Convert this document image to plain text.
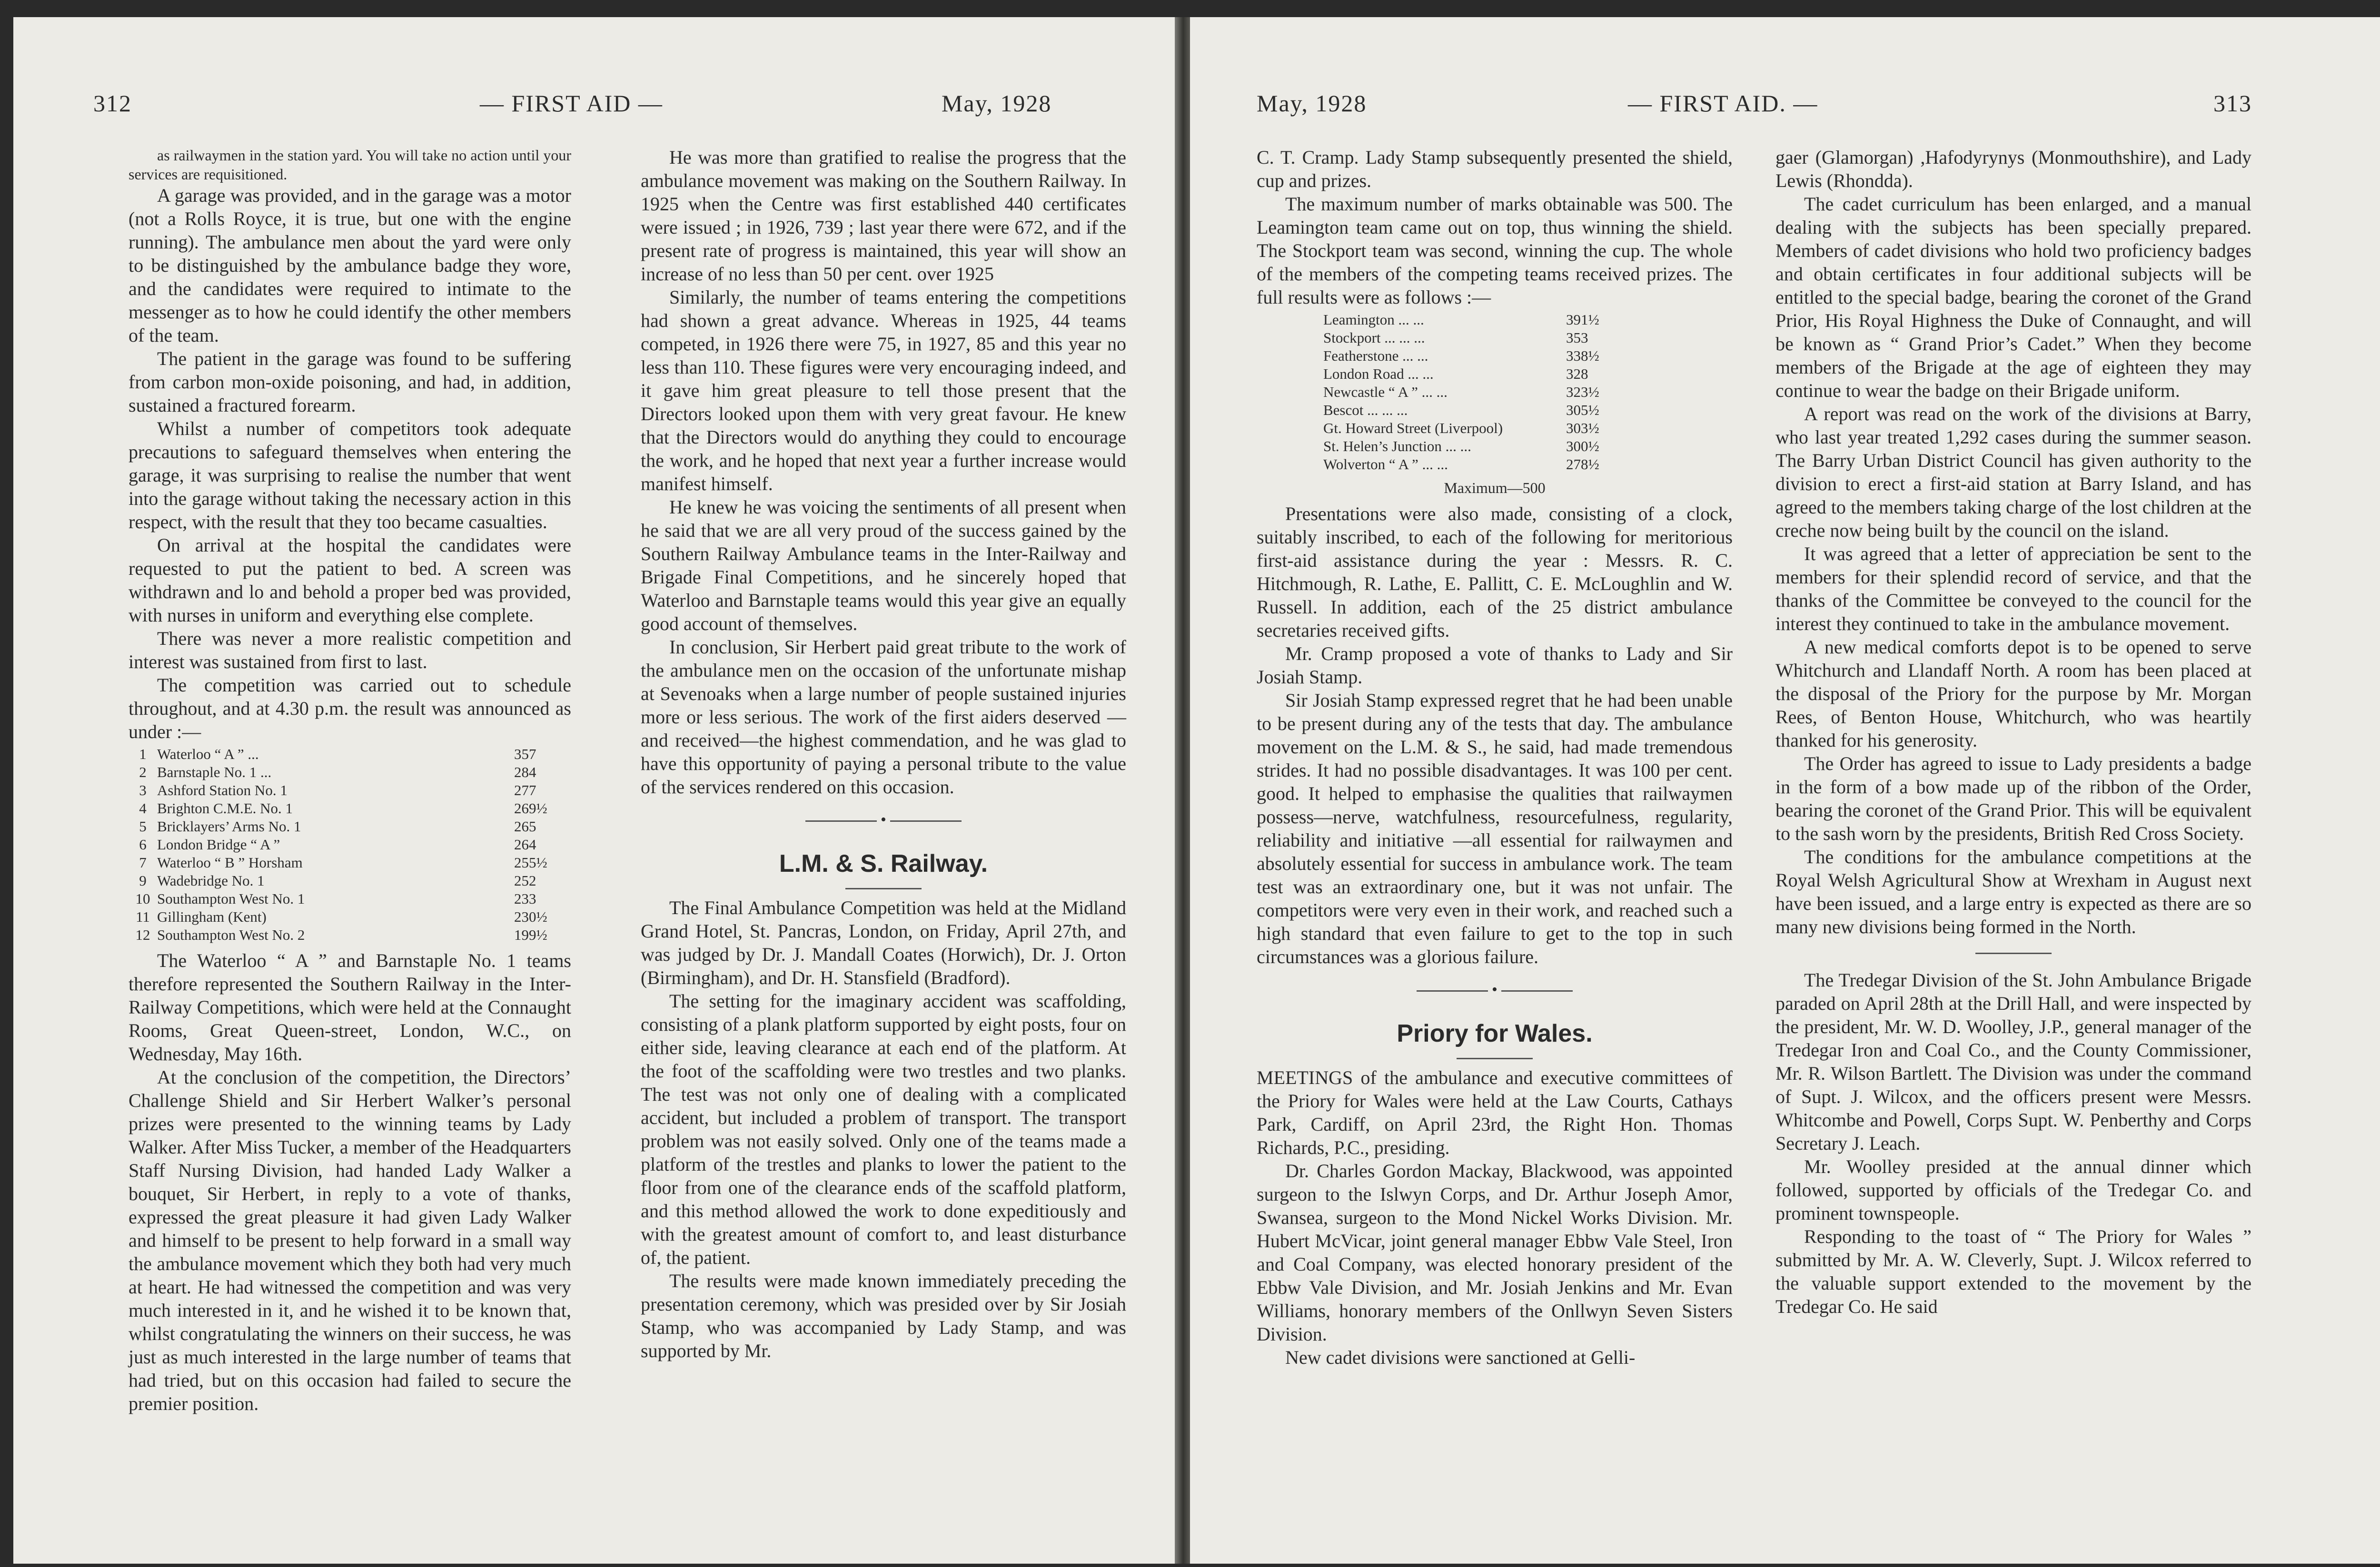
312	— FIRST AID —	May, 1928

as railwaymen in the station yard. You will take no action until your services are requisitioned.

A garage was provided, and in the garage was a motor (not a Rolls Royce, it is true, but one with the engine running). The ambulance men about the yard were only to be distinguished by the ambulance badge they wore, and the candidates were required to intimate to the messenger as to how he could identify the other members of the team.

The patient in the garage was found to be suffering from carbon mon-oxide poisoning, and had, in addition, sustained a fractured forearm.

Whilst a number of competitors took adequate precautions to safeguard themselves when entering the garage, it was surprising to realise the number that went into the garage without taking the necessary action in this respect, with the result that they too became casualties.

On arrival at the hospital the candidates were requested to put the patient to bed. A screen was withdrawn and lo and behold a proper bed was provided, with nurses in uniform and everything else complete.

There was never a more realistic competition and interest was sustained from first to last.

The competition was carried out to schedule throughout, and at 4.30 p.m. the result was announced as under :—

1	Waterloo “ A ” ...	357
2	Barnstaple No. 1 ...	284
3	Ashford Station No. 1	277
4	Brighton C.M.E. No. 1	269½
5	Bricklayers’ Arms No. 1	265
6	London Bridge “ A ”	264
7	Waterloo “ B ” Horsham	255½
9	Wadebridge No. 1	252
10	Southampton West No. 1	233
11	Gillingham (Kent)	230½
12	Southampton West No. 2	199½

The Waterloo “ A ” and Barnstaple No. 1 teams therefore represented the Southern Railway in the Inter-Railway Competitions, which were held at the Connaught Rooms, Great Queen-street, London, W.C., on Wednesday, May 16th.

At the conclusion of the competition, the Directors’ Challenge Shield and Sir Herbert Walker’s personal prizes were presented to the winning teams by Lady Walker. After Miss Tucker, a member of the Headquarters Staff Nursing Division, had handed Lady Walker a bouquet, Sir Herbert, in reply to a vote of thanks, expressed the great pleasure it had given Lady Walker and himself to be present to help forward in a small way the ambulance movement which they both had very much at heart. He had witnessed the competition and was very much interested in it, and he wished it to be known that, whilst congratulating the winners on their success, he was just as much interested in the large number of teams that had tried, but on this occasion had failed to secure the premier position.

He was more than gratified to realise the progress that the ambulance movement was making on the Southern Railway. In 1925 when the Centre was first established 440 certificates were issued ; in 1926, 739 ; last year there were 672, and if the present rate of progress is maintained, this year will show an increase of no less than 50 per cent. over 1925

Similarly, the number of teams entering the competitions had shown a great advance. Whereas in 1925, 44 teams competed, in 1926 there were 75, in 1927, 85 and this year no less than 110. These figures were very encouraging indeed, and it gave him great pleasure to tell those present that the Directors looked upon them with very great favour. He knew that the Directors would do anything they could to encourage the work, and he hoped that next year a further increase would manifest himself.

He knew he was voicing the sentiments of all present when he said that we are all very proud of the success gained by the Southern Railway Ambulance teams in the Inter-Railway and Brigade Final Competitions, and he sincerely hoped that Waterloo and Barnstaple teams would this year give an equally good account of themselves.

In conclusion, Sir Herbert paid great tribute to the work of the ambulance men on the occasion of the unfortunate mishap at Sevenoaks when a large number of people sustained injuries more or less serious. The work of the first aiders deserved —and received—the highest commendation, and he was glad to have this opportunity of paying a personal tribute to the value of the services rendered on this occasion.

•
L.M. & S. Railway.

The Final Ambulance Competition was held at the Midland Grand Hotel, St. Pancras, London, on Friday, April 27th, and was judged by Dr. J. Mandall Coates (Horwich), Dr. J. Orton (Birmingham), and Dr. H. Stansfield (Bradford).

The setting for the imaginary accident was scaffolding, consisting of a plank platform supported by eight posts, four on either side, leaving clearance at each end of the platform. At the foot of the scaffolding were two trestles and two planks. The test was not only one of dealing with a complicated accident, but included a problem of transport. The transport problem was not easily solved. Only one of the teams made a platform of the trestles and planks to lower the patient to the floor from one of the clearance ends of the scaffold platform, and this method allowed the work to done expeditiously and with the greatest amount of comfort to, and least disturbance of, the patient.

The results were made known immediately preceding the presentation ceremony, which was presided over by Sir Josiah Stamp, who was accompanied by Lady Stamp, and was supported by Mr.

May, 1928	— FIRST AID. —	313

C. T. Cramp. Lady Stamp subsequently presented the shield, cup and prizes.

The maximum number of marks obtainable was 500. The Leamington team came out on top, thus winning the shield. The Stockport team was second, winning the cup. The whole of the members of the competing teams received prizes. The full results were as follows :—

Leamington ... ...	391½
Stockport ... ... ...	353
Featherstone ... ...	338½
London Road ... ...	328
Newcastle “ A ” ... ...	323½
Bescot ... ... ...	305½
Gt. Howard Street (Liverpool)	303½
St. Helen’s Junction ... ...	300½
Wolverton “ A ” ... ...	278½
Maximum—500

Presentations were also made, consisting of a clock, suitably inscribed, to each of the following for meritorious first-aid assistance during the year : Messrs. R. C. Hitchmough, R. Lathe, E. Pallitt, C. E. McLoughlin and W. Russell. In addition, each of the 25 district ambulance secretaries received gifts.

Mr. Cramp proposed a vote of thanks to Lady and Sir Josiah Stamp.

Sir Josiah Stamp expressed regret that he had been unable to be present during any of the tests that day. The ambulance movement on the L.M. & S., he said, had made tremendous strides. It had no possible disadvantages. It was 100 per cent. good. It helped to emphasise the qualities that railwaymen possess—nerve, watchfulness, resourcefulness, regularity, reliability and initiative —all essential for railwaymen and absolutely essential for success in ambulance work. The team test was an extraordinary one, but it was not unfair. The competitors were very even in their work, and reached such a high standard that even failure to get to the top in such circumstances was a glorious failure.

•
Priory for Wales.

MEETINGS of the ambulance and executive committees of the Priory for Wales were held at the Law Courts, Cathays Park, Cardiff, on April 23rd, the Right Hon. Thomas Richards, P.C., presiding.

Dr. Charles Gordon Mackay, Blackwood, was appointed surgeon to the Islwyn Corps, and Dr. Arthur Joseph Amor, Swansea, surgeon to the Mond Nickel Works Division. Mr. Hubert McVicar, joint general manager Ebbw Vale Steel, Iron and Coal Company, was elected honorary president of the Ebbw Vale Division, and Mr. Josiah Jenkins and Mr. Evan Williams, honorary members of the Onllwyn Seven Sisters Division.

New cadet divisions were sanctioned at Gelli-

gaer (Glamorgan) ,Hafodyrynys (Monmouthshire), and Lady Lewis (Rhondda).

The cadet curriculum has been enlarged, and a manual dealing with the subjects has been specially prepared. Members of cadet divisions who hold two proficiency badges and obtain certificates in four additional subjects will be entitled to the special badge, bearing the coronet of the Grand Prior, His Royal Highness the Duke of Connaught, and will be known as “ Grand Prior’s Cadet.” When they become members of the Brigade at the age of eighteen they may continue to wear the badge on their Brigade uniform.

A report was read on the work of the divisions at Barry, who last year treated 1,292 cases during the summer season. The Barry Urban District Council has given authority to the division to erect a first-aid station at Barry Island, and has agreed to the members taking charge of the lost children at the creche now being built by the council on the island.

It was agreed that a letter of appreciation be sent to the members for their splendid record of service, and that the thanks of the Committee be conveyed to the council for the interest they continued to take in the ambulance movement.

A new medical comforts depot is to be opened to serve Whitchurch and Llandaff North. A room has been placed at the disposal of the Priory for the purpose by Mr. Morgan Rees, of Benton House, Whitchurch, who was heartily thanked for his generosity.

The Order has agreed to issue to Lady presidents a badge in the form of a bow made up of the ribbon of the Order, bearing the coronet of the Grand Prior. This will be equivalent to the sash worn by the presidents, British Red Cross Society.

The conditions for the ambulance competitions at the Royal Welsh Agricultural Show at Wrexham in August next have been issued, and a large entry is expected as there are so many new divisions being formed in the North.

The Tredegar Division of the St. John Ambulance Brigade paraded on April 28th at the Drill Hall, and were inspected by the president, Mr. W. D. Woolley, J.P., general manager of the Tredegar Iron and Coal Co., and the County Commissioner, Mr. R. Wilson Bartlett. The Division was under the command of Supt. J. Wilcox, and the officers present were Messrs. Whitcombe and Powell, Corps Supt. W. Penberthy and Corps Secretary J. Leach.

Mr. Woolley presided at the annual dinner which followed, supported by officials of the Tredegar Co. and prominent townspeople.

Responding to the toast of “ The Priory for Wales ” submitted by Mr. A. W. Cleverly, Supt. J. Wilcox referred to the valuable support extended to the movement by the Tredegar Co. He said
